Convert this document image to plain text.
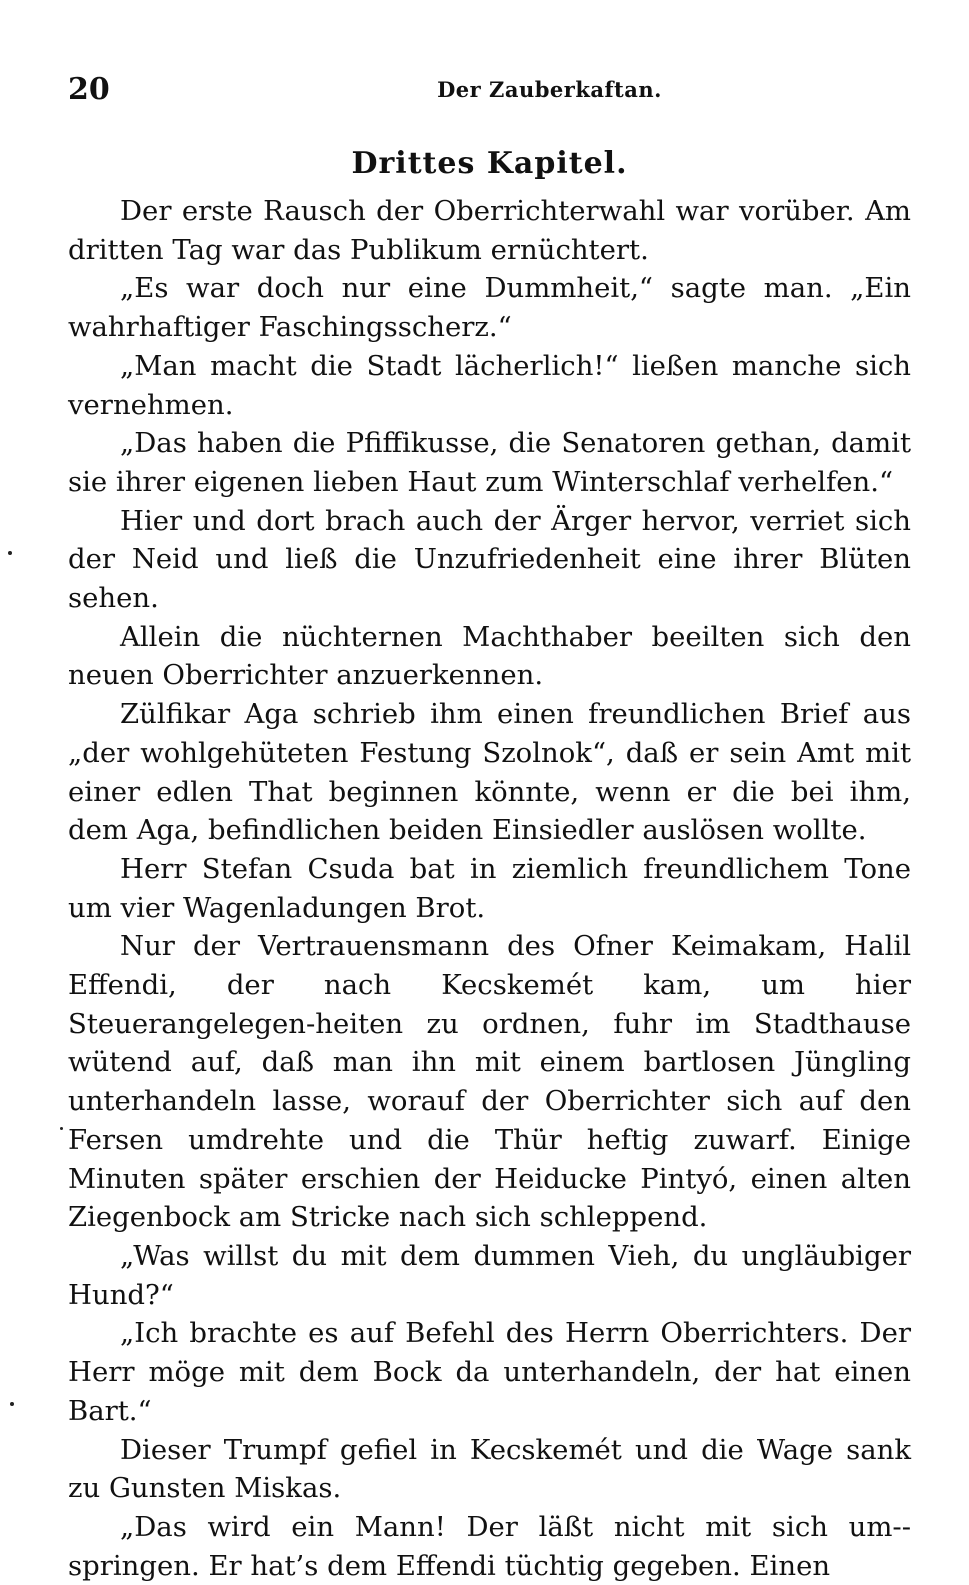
20	Der Zauberkaftan.
Drittes Kapitel.

Der erste Rausch der Oberrichterwahl war vorüber. Am dritten Tag war das Publikum ernüchtert.

„Es war doch nur eine Dummheit,“ sagte man. „Ein wahrhaftiger Faschingsscherz.“

„Man macht die Stadt lächerlich!“ ließen manche sich vernehmen.

„Das haben die Pfiffikusse, die Senatoren gethan, damit sie ihrer eigenen lieben Haut zum Winterschlaf verhelfen.“

Hier und dort brach auch der Ärger hervor, verriet sich der Neid und ließ die Unzufriedenheit eine ihrer Blüten sehen.

Allein die nüchternen Machthaber beeilten sich den neuen Oberrichter anzuerkennen.

Zülfikar Aga schrieb ihm einen freundlichen Brief aus „der wohlgehüteten Festung Szolnok“, daß er sein Amt mit einer edlen That beginnen könnte, wenn er die bei ihm, dem Aga, befindlichen beiden Einsiedler auslösen wollte.

Herr Stefan Csuda bat in ziemlich freundlichem Tone um vier Wagenladungen Brot.

Nur der Vertrauensmann des Ofner Keimakam, Halil Effendi, der nach Kecskemét kam, um hier Steuerangelegen-heiten zu ordnen, fuhr im Stadthause wütend auf, daß man ihn mit einem bartlosen Jüngling unterhandeln lasse, worauf der Oberrichter sich auf den Fersen umdrehte und die Thür heftig zuwarf. Einige Minuten später erschien der Heiducke Pintyó, einen alten Ziegenbock am Stricke nach sich schleppend.

„Was willst du mit dem dummen Vieh, du ungläubiger Hund?“

„Ich brachte es auf Befehl des Herrn Oberrichters. Der Herr möge mit dem Bock da unterhandeln, der hat einen Bart.“

Dieser Trumpf gefiel in Kecskemét und die Wage sank zu Gunsten Miskas.

„Das wird ein Mann! Der läßt nicht mit sich um-springen. Er hat’s dem Effendi tüchtig gegeben. Einen
